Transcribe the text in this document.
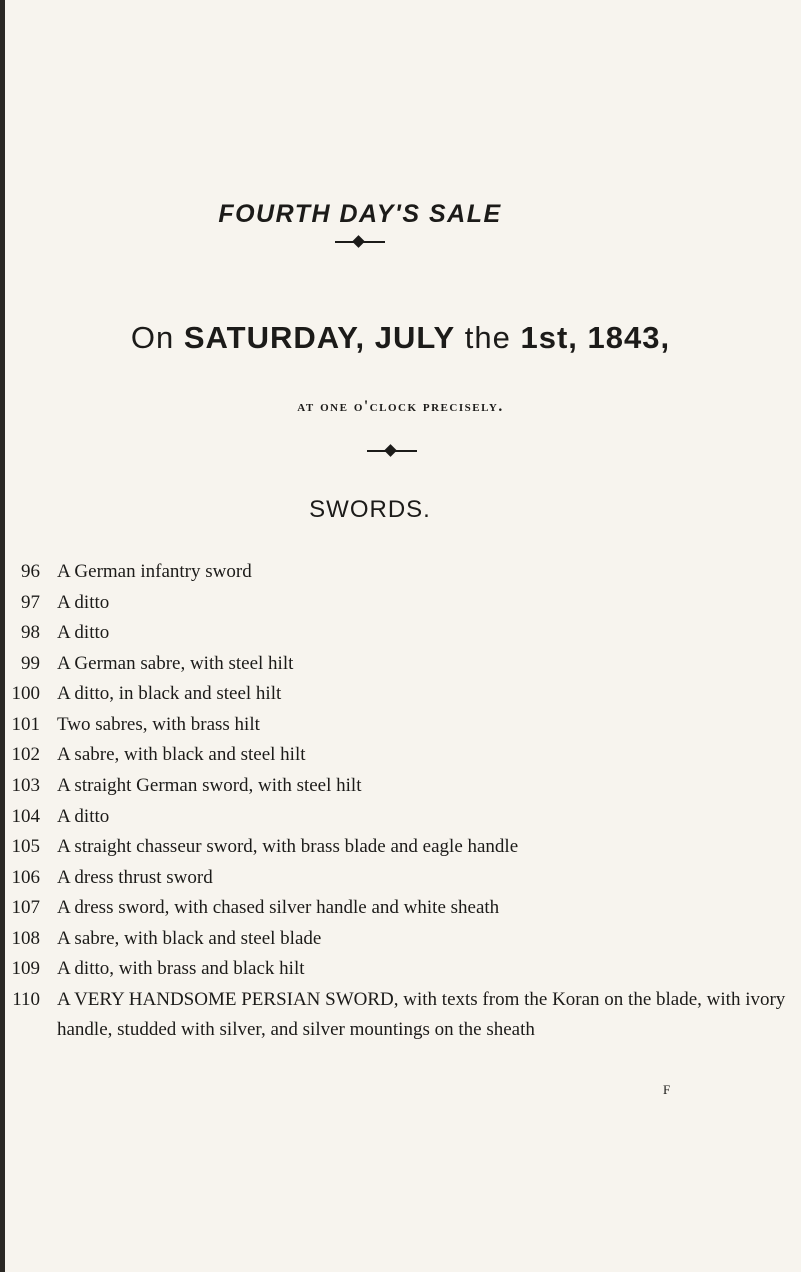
FOURTH DAY'S SALE
On SATURDAY, JULY the 1st, 1843,
at one o'clock precisely.
SWORDS.
96 A German infantry sword
97 A ditto
98 A ditto
99 A German sabre, with steel hilt
100 A ditto, in black and steel hilt
101 Two sabres, with brass hilt
102 A sabre, with black and steel hilt
103 A straight German sword, with steel hilt
104 A ditto
105 A straight chasseur sword, with brass blade and eagle handle
106 A dress thrust sword
107 A dress sword, with chased silver handle and white sheath
108 A sabre, with black and steel blade
109 A ditto, with brass and black hilt
110 A VERY HANDSOME PERSIAN SWORD, with texts from the Koran on the blade, with ivory handle, studded with silver, and silver mountings on the sheath
F
